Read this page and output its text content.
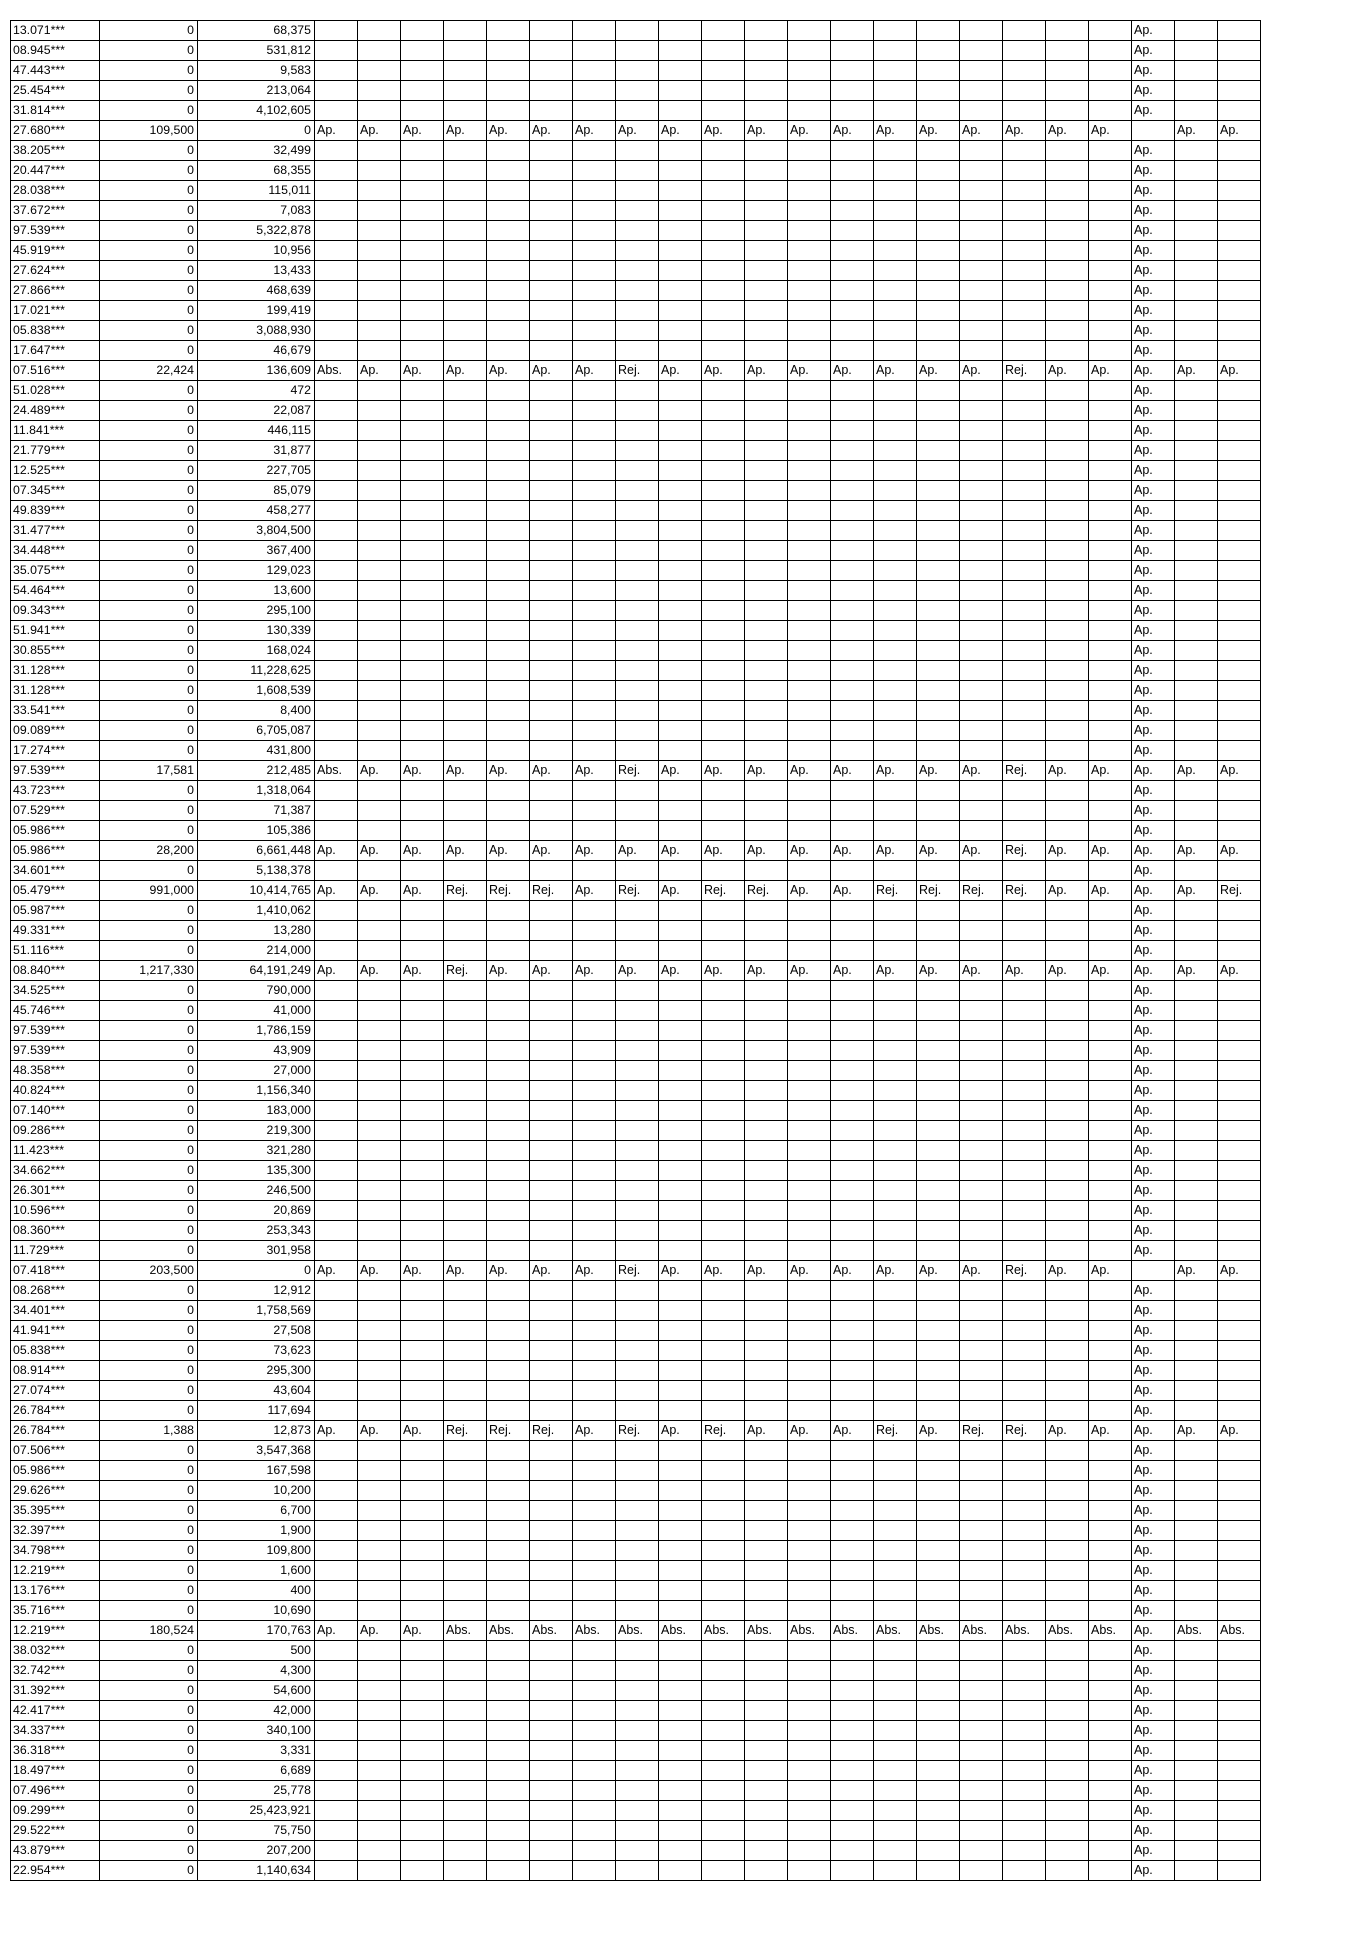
13.071***	0	68,375																				Ap.		
08.945***	0	531,812																				Ap.		
47.443***	0	9,583																				Ap.		
25.454***	0	213,064																				Ap.		
31.814***	0	4,102,605																				Ap.		
27.680***	109,500	0	Ap.	Ap.	Ap.	Ap.	Ap.	Ap.	Ap.	Ap.	Ap.	Ap.	Ap.	Ap.	Ap.	Ap.	Ap.	Ap.	Ap.	Ap.	Ap.		Ap.	Ap.
38.205***	0	32,499																				Ap.		
20.447***	0	68,355																				Ap.		
28.038***	0	115,011																				Ap.		
37.672***	0	7,083																				Ap.		
97.539***	0	5,322,878																				Ap.		
45.919***	0	10,956																				Ap.		
27.624***	0	13,433																				Ap.		
27.866***	0	468,639																				Ap.		
17.021***	0	199,419																				Ap.		
05.838***	0	3,088,930																				Ap.		
17.647***	0	46,679																				Ap.		
07.516***	22,424	136,609	Abs.	Ap.	Ap.	Ap.	Ap.	Ap.	Ap.	Rej.	Ap.	Ap.	Ap.	Ap.	Ap.	Ap.	Ap.	Ap.	Rej.	Ap.	Ap.	Ap.	Ap.	Ap.
51.028***	0	472																				Ap.		
24.489***	0	22,087																				Ap.		
11.841***	0	446,115																				Ap.		
21.779***	0	31,877																				Ap.		
12.525***	0	227,705																				Ap.		
07.345***	0	85,079																				Ap.		
49.839***	0	458,277																				Ap.		
31.477***	0	3,804,500																				Ap.		
34.448***	0	367,400																				Ap.		
35.075***	0	129,023																				Ap.		
54.464***	0	13,600																				Ap.		
09.343***	0	295,100																				Ap.		
51.941***	0	130,339																				Ap.		
30.855***	0	168,024																				Ap.		
31.128***	0	11,228,625																				Ap.		
31.128***	0	1,608,539																				Ap.		
33.541***	0	8,400																				Ap.		
09.089***	0	6,705,087																				Ap.		
17.274***	0	431,800																				Ap.		
97.539***	17,581	212,485	Abs.	Ap.	Ap.	Ap.	Ap.	Ap.	Ap.	Rej.	Ap.	Ap.	Ap.	Ap.	Ap.	Ap.	Ap.	Ap.	Rej.	Ap.	Ap.	Ap.	Ap.	Ap.
43.723***	0	1,318,064																				Ap.		
07.529***	0	71,387																				Ap.		
05.986***	0	105,386																				Ap.		
05.986***	28,200	6,661,448	Ap.	Ap.	Ap.	Ap.	Ap.	Ap.	Ap.	Ap.	Ap.	Ap.	Ap.	Ap.	Ap.	Ap.	Ap.	Ap.	Rej.	Ap.	Ap.	Ap.	Ap.	Ap.
34.601***	0	5,138,378																				Ap.		
05.479***	991,000	10,414,765	Ap.	Ap.	Ap.	Rej.	Rej.	Rej.	Ap.	Rej.	Ap.	Rej.	Rej.	Ap.	Ap.	Rej.	Rej.	Rej.	Rej.	Ap.	Ap.	Ap.	Ap.	Rej.
05.987***	0	1,410,062																				Ap.		
49.331***	0	13,280																				Ap.		
51.116***	0	214,000																				Ap.		
08.840***	1,217,330	64,191,249	Ap.	Ap.	Ap.	Rej.	Ap.	Ap.	Ap.	Ap.	Ap.	Ap.	Ap.	Ap.	Ap.	Ap.	Ap.	Ap.	Ap.	Ap.	Ap.	Ap.	Ap.	Ap.
34.525***	0	790,000																				Ap.		
45.746***	0	41,000																				Ap.		
97.539***	0	1,786,159																				Ap.		
97.539***	0	43,909																				Ap.		
48.358***	0	27,000																				Ap.		
40.824***	0	1,156,340																				Ap.		
07.140***	0	183,000																				Ap.		
09.286***	0	219,300																				Ap.		
11.423***	0	321,280																				Ap.		
34.662***	0	135,300																				Ap.		
26.301***	0	246,500																				Ap.		
10.596***	0	20,869																				Ap.		
08.360***	0	253,343																				Ap.		
11.729***	0	301,958																				Ap.		
07.418***	203,500	0	Ap.	Ap.	Ap.	Ap.	Ap.	Ap.	Ap.	Rej.	Ap.	Ap.	Ap.	Ap.	Ap.	Ap.	Ap.	Ap.	Rej.	Ap.	Ap.		Ap.	Ap.
08.268***	0	12,912																				Ap.		
34.401***	0	1,758,569																				Ap.		
41.941***	0	27,508																				Ap.		
05.838***	0	73,623																				Ap.		
08.914***	0	295,300																				Ap.		
27.074***	0	43,604																				Ap.		
26.784***	0	117,694																				Ap.		
26.784***	1,388	12,873	Ap.	Ap.	Ap.	Rej.	Rej.	Rej.	Ap.	Rej.	Ap.	Rej.	Ap.	Ap.	Ap.	Rej.	Ap.	Rej.	Rej.	Ap.	Ap.	Ap.	Ap.	Ap.
07.506***	0	3,547,368																				Ap.		
05.986***	0	167,598																				Ap.		
29.626***	0	10,200																				Ap.		
35.395***	0	6,700																				Ap.		
32.397***	0	1,900																				Ap.		
34.798***	0	109,800																				Ap.		
12.219***	0	1,600																				Ap.		
13.176***	0	400																				Ap.		
35.716***	0	10,690																				Ap.		
12.219***	180,524	170,763	Ap.	Ap.	Ap.	Abs.	Abs.	Abs.	Abs.	Abs.	Abs.	Abs.	Abs.	Abs.	Abs.	Abs.	Abs.	Abs.	Abs.	Abs.	Abs.	Ap.	Abs.	Abs.
38.032***	0	500																				Ap.		
32.742***	0	4,300																				Ap.		
31.392***	0	54,600																				Ap.		
42.417***	0	42,000																				Ap.		
34.337***	0	340,100																				Ap.		
36.318***	0	3,331																				Ap.		
18.497***	0	6,689																				Ap.		
07.496***	0	25,778																				Ap.		
09.299***	0	25,423,921																				Ap.		
29.522***	0	75,750																				Ap.		
43.879***	0	207,200																				Ap.		
22.954***	0	1,140,634																				Ap.		
